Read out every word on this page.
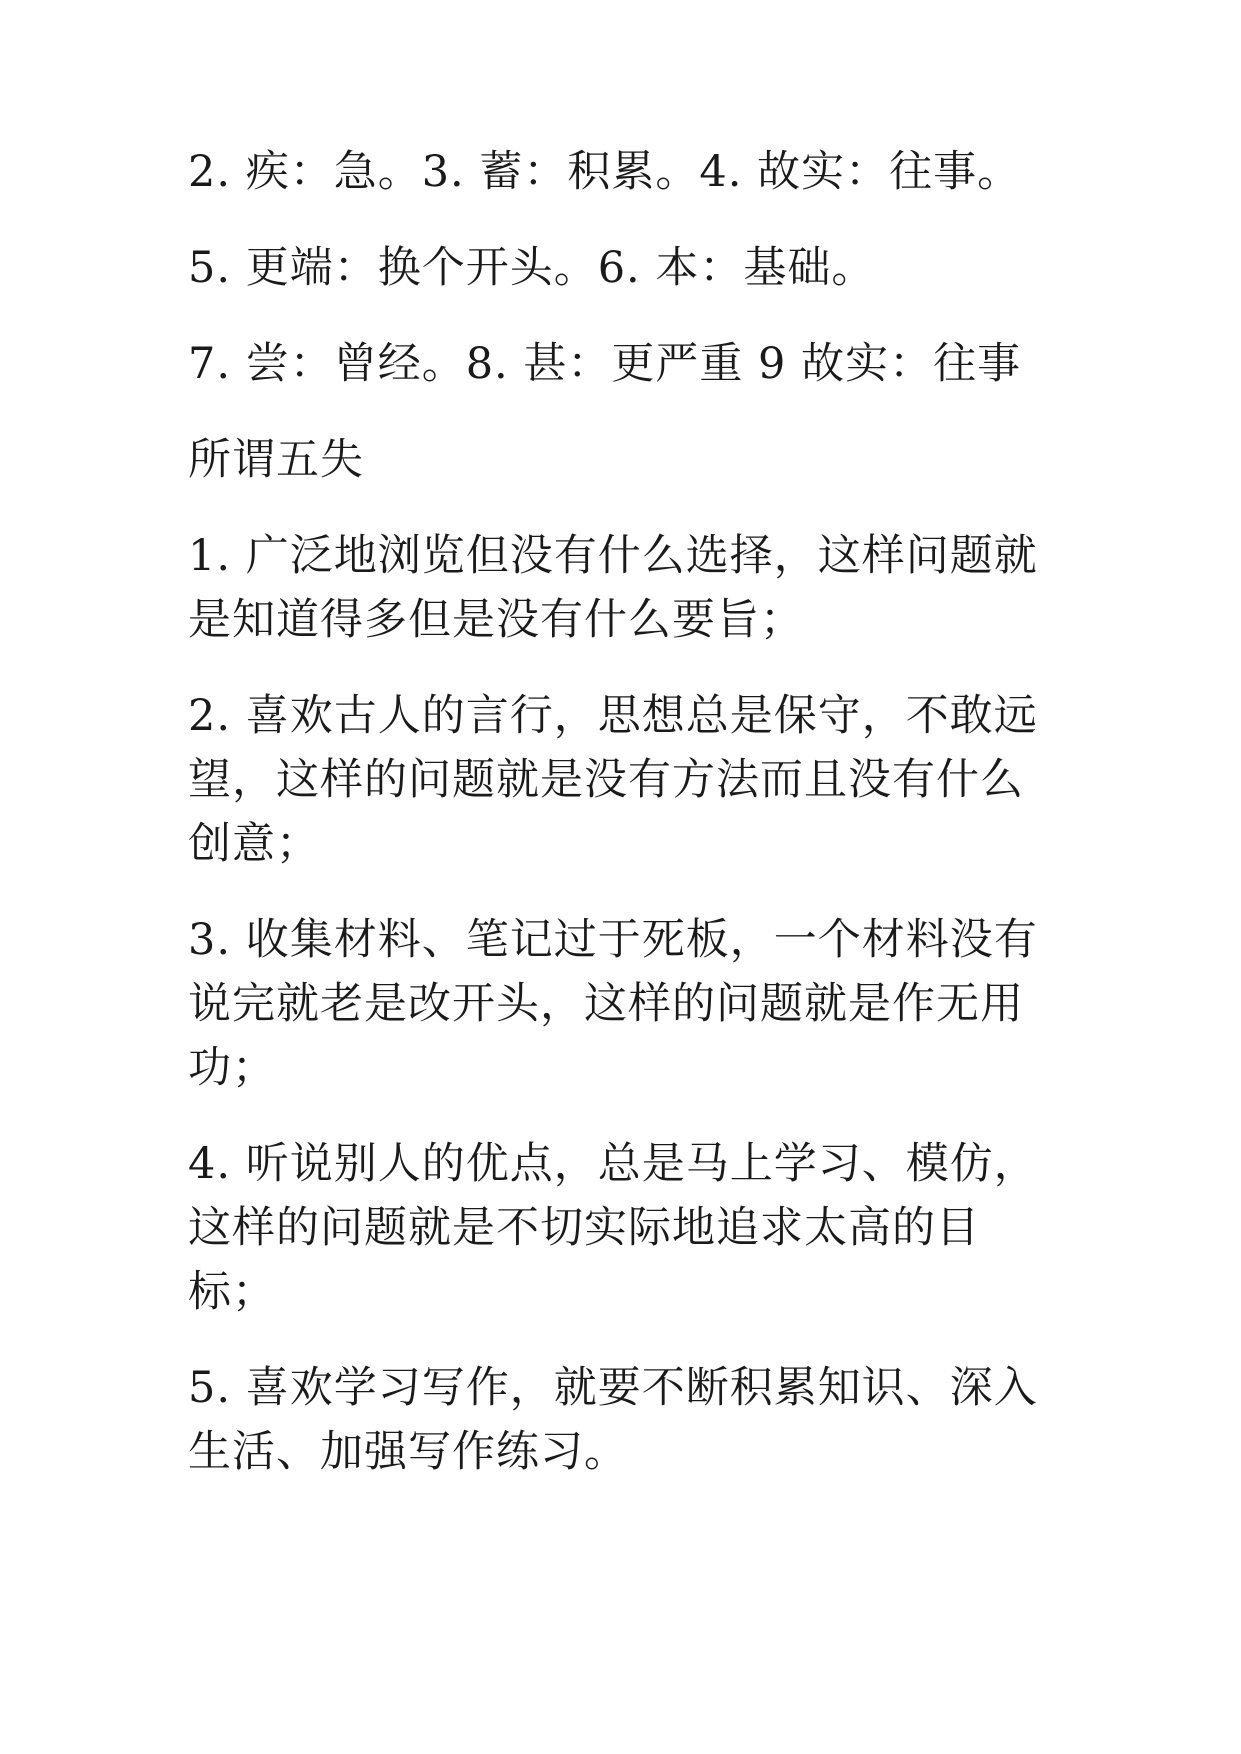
2. 疾：急。3. 蓄：积累。4. 故实：往事。

5. 更端：换个开头。6. 本：基础。

7. 尝：曾经。8. 甚：更严重 9 故实：往事

所谓五失

1. 广泛地浏览但没有什么选择，这样问题就是知道得多但是没有什么要旨；

2. 喜欢古人的言行，思想总是保守，不敢远望，这样的问题就是没有方法而且没有什么创意；

3. 收集材料、笔记过于死板，一个材料没有说完就老是改开头，这样的问题就是作无用功；

4. 听说别人的优点，总是马上学习、模仿，这样的问题就是不切实际地追求太高的目标；

5. 喜欢学习写作，就要不断积累知识、深入生活、加强写作练习。
